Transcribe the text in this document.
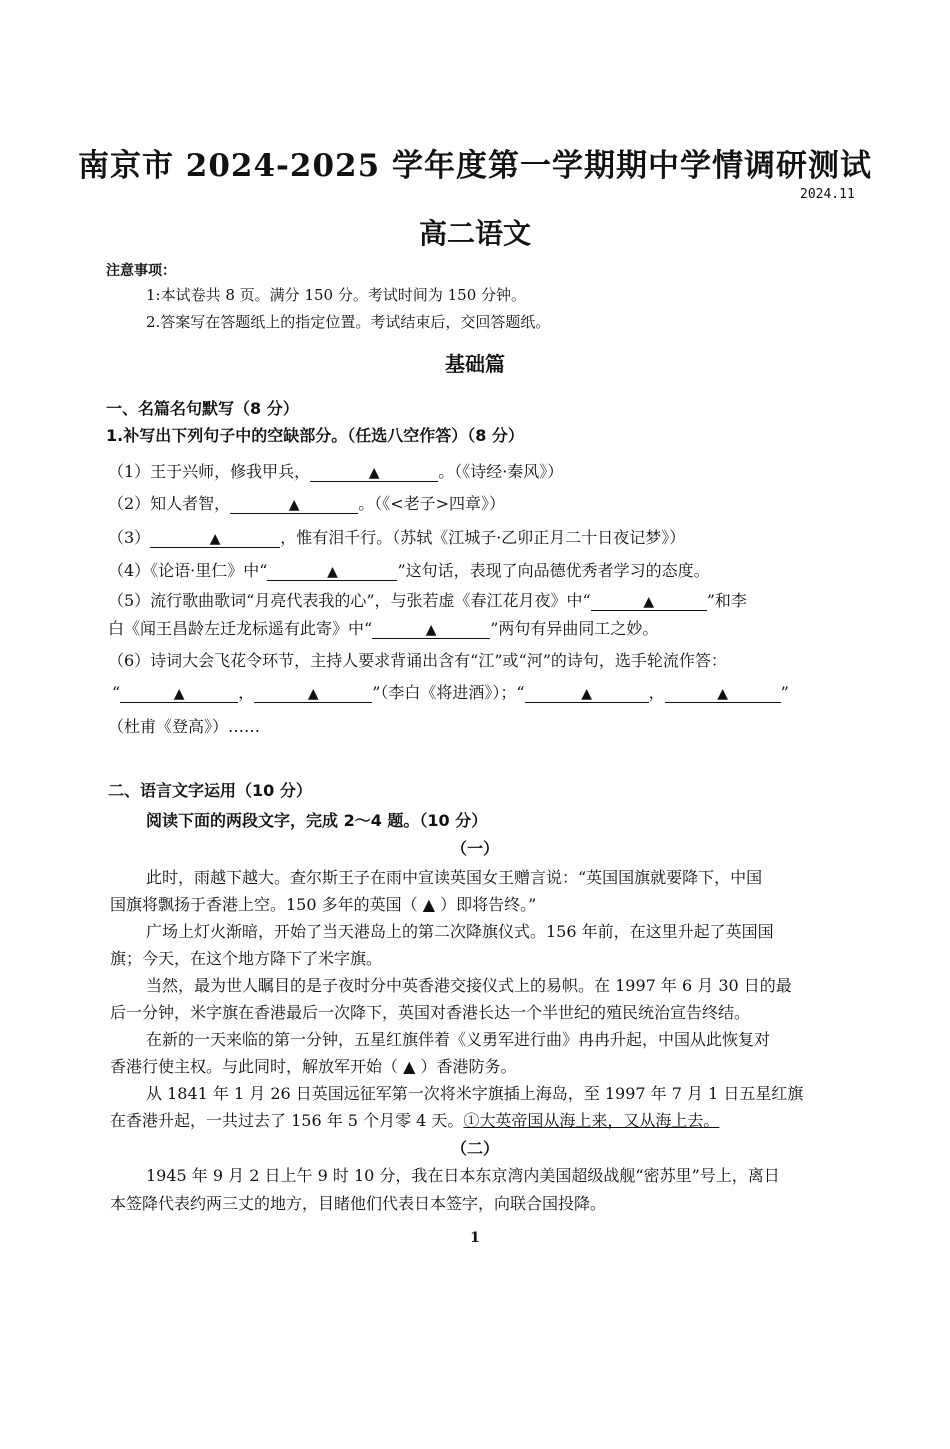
南京市 2024-2025 学年度第一学期期中学情调研测试
2024.11
高二语文
注意事项：
1:本试卷共 8 页。满分 150 分。考试时间为 150 分钟。
2.答案写在答题纸上的指定位置。考试结束后，交回答题纸。
基础篇
一、名篇名句默写（8 分）
1.补写出下列句子中的空缺部分。（任选八空作答）（8 分）
（1）王于兴师，修我甲兵，	▲	。（《诗经·秦风》）
（2）知人者智，	▲	。（《<老子>四章》）
（3）	▲	，惟有泪千行。（苏轼《江城子·乙卯正月二十日夜记梦》）
（4）《论语·里仁》中“	▲	”这句话，表现了向品德优秀者学习的态度。
（5）流行歌曲歌词“月亮代表我的心”，与张若虚《春江花月夜》中“	▲	”和李
白《闻王昌龄左迁龙标遥有此寄》中“	▲	”两句有异曲同工之妙。
（6）诗词大会飞花令环节，主持人要求背诵出含有“江”或“河”的诗句，选手轮流作答：
“	▲	，	▲	”（李白《将进酒》）；“	▲	，	▲	”
（杜甫《登高》）……
二、语言文字运用（10 分）
阅读下面的两段文字，完成 2～4 题。（10 分）
（一）
此时，雨越下越大。查尔斯王子在雨中宣读英国女王赠言说：“英国国旗就要降下，中国
国旗将飘扬于香港上空。150 多年的英国（ ▲ ）即将告终。”
广场上灯火渐暗，开始了当天港岛上的第二次降旗仪式。156 年前，在这里升起了英国国
旗；今天，在这个地方降下了米字旗。
当然，最为世人瞩目的是子夜时分中英香港交接仪式上的易帜。在 1997 年 6 月 30 日的最
后一分钟，米字旗在香港最后一次降下，英国对香港长达一个半世纪的殖民统治宣告终结。
在新的一天来临的第一分钟，五星红旗伴着《义勇军进行曲》冉冉升起，中国从此恢复对
香港行使主权。与此同时，解放军开始（ ▲ ）香港防务。
从 1841 年 1 月 26 日英国远征军第一次将米字旗插上海岛，至 1997 年 7 月 1 日五星红旗
在香港升起，一共过去了 156 年 5 个月零 4 天。①大英帝国从海上来，又从海上去。
（二）
1945 年 9 月 2 日上午 9 时 10 分，我在日本东京湾内美国超级战舰“密苏里”号上，离日
本签降代表约两三丈的地方，目睹他们代表日本签字，向联合国投降。
1
